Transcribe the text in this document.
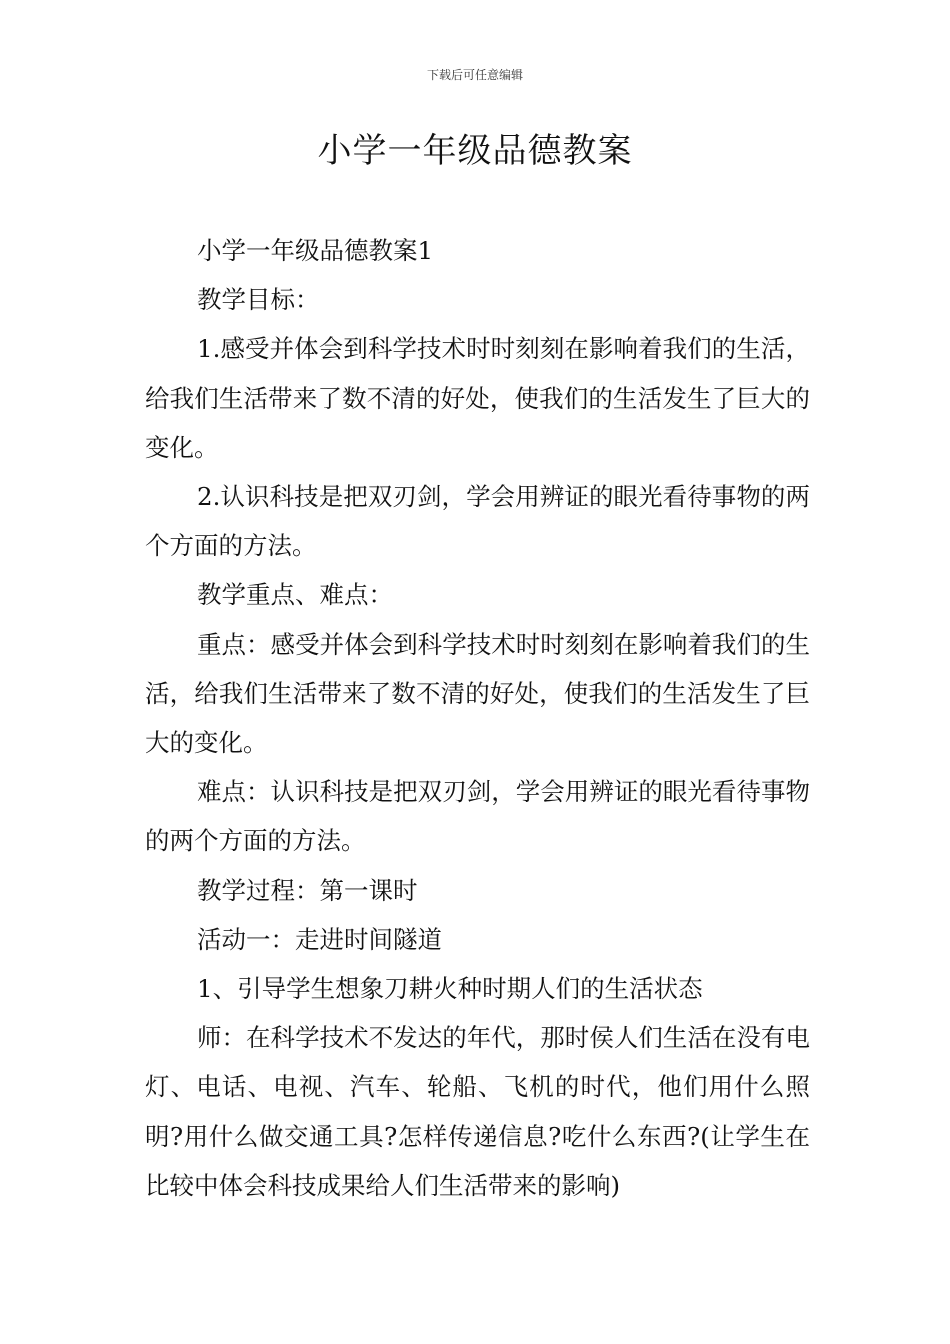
下载后可任意编辑
小学一年级品德教案

小学一年级品德教案1

教学目标：

1.感受并体会到科学技术时时刻刻在影响着我们的生活，给我们生活带来了数不清的好处，使我们的生活发生了巨大的变化。

2.认识科技是把双刃剑，学会用辨证的眼光看待事物的两个方面的方法。

教学重点、难点：

重点：感受并体会到科学技术时时刻刻在影响着我们的生活，给我们生活带来了数不清的好处，使我们的生活发生了巨大的变化。

难点：认识科技是把双刃剑，学会用辨证的眼光看待事物的两个方面的方法。

教学过程：第一课时

活动一：走进时间隧道

1、引导学生想象刀耕火种时期人们的生活状态

师：在科学技术不发达的年代，那时侯人们生活在没有电灯、电话、电视、汽车、轮船、飞机的时代，他们用什么照明?用什么做交通工具?怎样传递信息?吃什么东西?(让学生在比较中体会科技成果给人们生活带来的影响)
